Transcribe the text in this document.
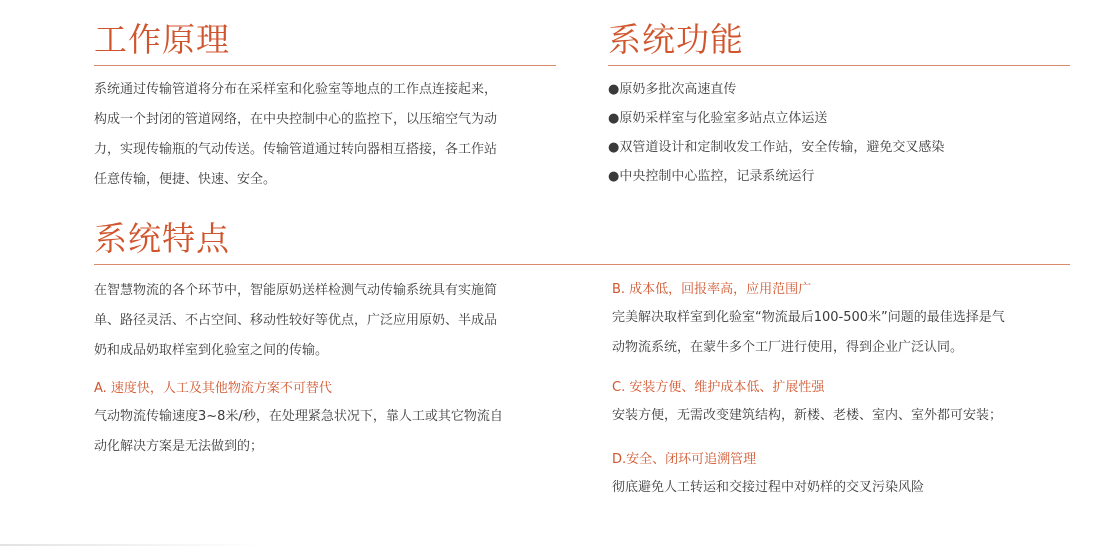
工作原理
系统通过传输管道将分布在采样室和化验室等地点的工作点连接起来，
构成一个封闭的管道网络，在中央控制中心的监控下，以压缩空气为动
力，实现传输瓶的气动传送。传输管道通过转向器相互搭接，各工作站
任意传输，便捷、快速、安全。
系统功能
●原奶多批次高速直传
●原奶采样室与化验室多站点立体运送
●双管道设计和定制收发工作站，安全传输，避免交叉感染
●中央控制中心监控，记录系统运行
系统特点
在智慧物流的各个环节中，智能原奶送样检测气动传输系统具有实施简
单、路径灵活、不占空间、移动性较好等优点，广泛应用原奶、半成品
奶和成品奶取样室到化验室之间的传输。
A. 速度快，人工及其他物流方案不可替代
气动物流传输速度3~8米/秒，在处理紧急状况下，靠人工或其它物流自
动化解决方案是无法做到的；
B. 成本低，回报率高，应用范围广
完美解决取样室到化验室“物流最后100-500米”问题的最佳选择是气
动物流系统，在蒙牛多个工厂进行使用，得到企业广泛认同。
C. 安装方便、维护成本低、扩展性强
安装方便，无需改变建筑结构，新楼、老楼、室内、室外都可安装；
D.安全、闭环可追溯管理
彻底避免人工转运和交接过程中对奶样的交叉污染风险
